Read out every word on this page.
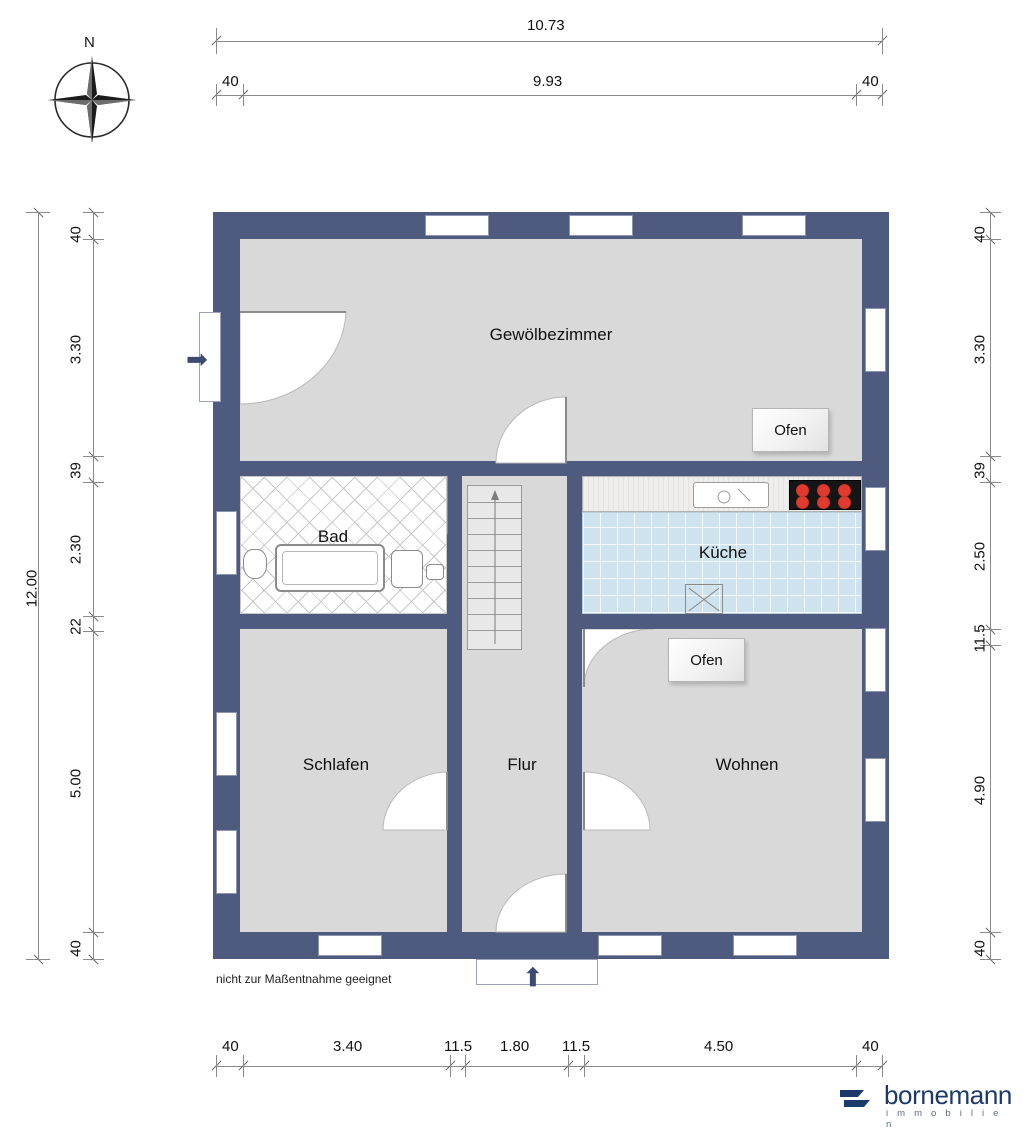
N
10.73
40	9.93	40
12.00
40
3.30
39
2.30
22
5.00
40
40
3.30
39
2.50
11.5
4.90
40
40	3.40	11.5 1.80 11.5	4.50	40
➡
➡
Ofen
Ofen
Gewölbezimmer
Bad
Küche
Schlafen	Flur	Wohnen
nicht zur Maßentnahme geeignet
bornemann
i m m o b i l i e n
